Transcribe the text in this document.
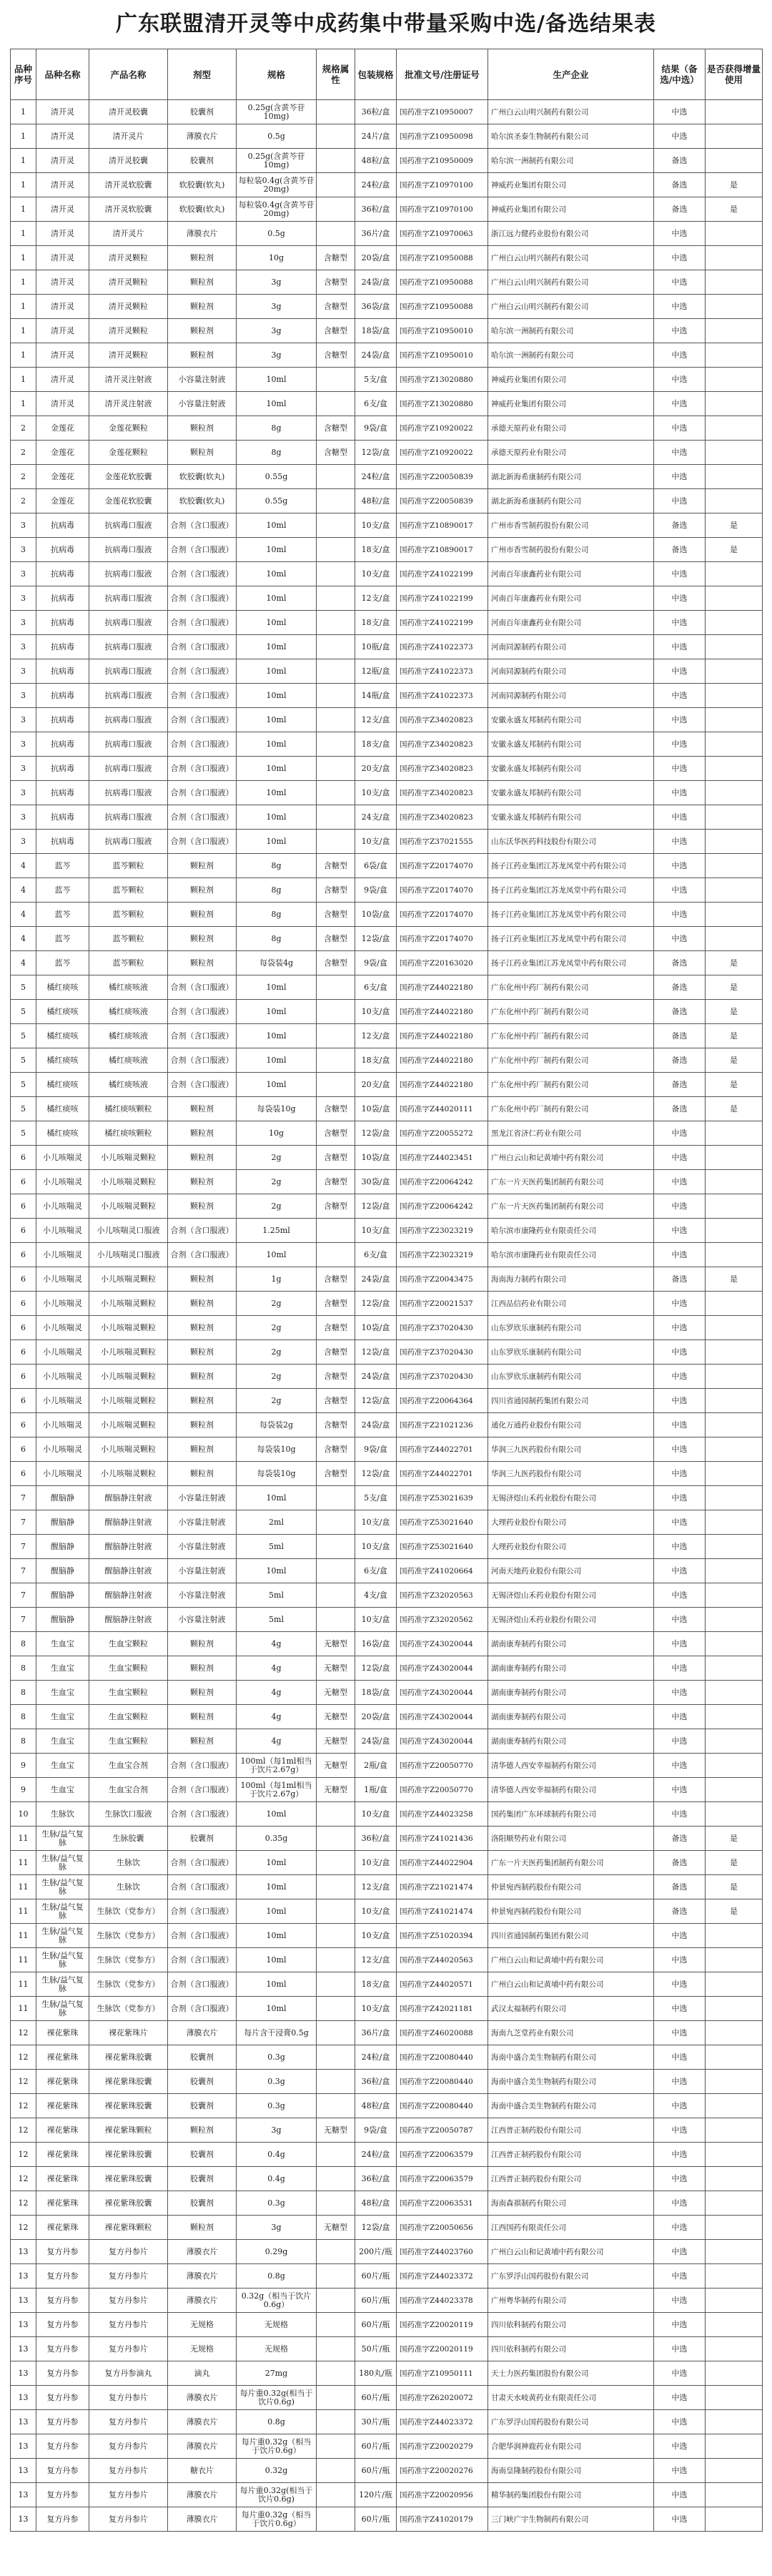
广东联盟清开灵等中成药集中带量采购中选/备选结果表
品种序号	品种名称	产品名称	剂型	规格	规格属性	包装规格	批准文号/注册证号	生产企业	结果（备选/中选）	是否获得增量使用
1	清开灵	清开灵胶囊	胶囊剂	0.25g(含黄芩苷10mg)		36粒/盒	国药准字Z10950007	广州白云山明兴制药有限公司	中选	
1	清开灵	清开灵片	薄膜衣片	0.5g		24片/盒	国药准字Z10950098	哈尔滨圣泰生物制药有限公司	中选	
1	清开灵	清开灵胶囊	胶囊剂	0.25g(含黄芩苷10mg)		48粒/盒	国药准字Z10950009	哈尔滨一洲制药有限公司	备选	
1	清开灵	清开灵软胶囊	软胶囊(软丸)	每粒装0.4g(含黄芩苷20mg)		24粒/盒	国药准字Z10970100	神威药业集团有限公司	备选	是
1	清开灵	清开灵软胶囊	软胶囊(软丸)	每粒装0.4g(含黄芩苷20mg)		36粒/盒	国药准字Z10970100	神威药业集团有限公司	备选	是
1	清开灵	清开灵片	薄膜衣片	0.5g		36片/盒	国药准字Z10970063	浙江远力健药业股份有限公司	中选	
1	清开灵	清开灵颗粒	颗粒剂	10g	含糖型	20袋/盒	国药准字Z10950088	广州白云山明兴制药有限公司	中选	
1	清开灵	清开灵颗粒	颗粒剂	3g	含糖型	24袋/盒	国药准字Z10950088	广州白云山明兴制药有限公司	中选	
1	清开灵	清开灵颗粒	颗粒剂	3g	含糖型	36袋/盒	国药准字Z10950088	广州白云山明兴制药有限公司	中选	
1	清开灵	清开灵颗粒	颗粒剂	3g	含糖型	18袋/盒	国药准字Z10950010	哈尔滨一洲制药有限公司	中选	
1	清开灵	清开灵颗粒	颗粒剂	3g	含糖型	24袋/盒	国药准字Z10950010	哈尔滨一洲制药有限公司	中选	
1	清开灵	清开灵注射液	小容量注射液	10ml		5支/盒	国药准字Z13020880	神威药业集团有限公司	中选	
1	清开灵	清开灵注射液	小容量注射液	10ml		6支/盒	国药准字Z13020880	神威药业集团有限公司	中选	
2	金莲花	金莲花颗粒	颗粒剂	8g	含糖型	9袋/盒	国药准字Z10920022	承德天原药业有限公司	中选	
2	金莲花	金莲花颗粒	颗粒剂	8g	含糖型	12袋/盒	国药准字Z10920022	承德天原药业有限公司	中选	
2	金莲花	金莲花软胶囊	软胶囊(软丸)	0.55g		24粒/盒	国药准字Z20050839	湖北新海希康制药有限公司	中选	
2	金莲花	金莲花软胶囊	软胶囊(软丸)	0.55g		48粒/盒	国药准字Z20050839	湖北新海希康制药有限公司	中选	
3	抗病毒	抗病毒口服液	合剂（含口服液）	10ml		10支/盒	国药准字Z10890017	广州市香雪制药股份有限公司	备选	是
3	抗病毒	抗病毒口服液	合剂（含口服液）	10ml		18支/盒	国药准字Z10890017	广州市香雪制药股份有限公司	备选	是
3	抗病毒	抗病毒口服液	合剂（含口服液）	10ml		10支/盒	国药准字Z41022199	河南百年康鑫药业有限公司	中选	
3	抗病毒	抗病毒口服液	合剂（含口服液）	10ml		12支/盒	国药准字Z41022199	河南百年康鑫药业有限公司	中选	
3	抗病毒	抗病毒口服液	合剂（含口服液）	10ml		18支/盒	国药准字Z41022199	河南百年康鑫药业有限公司	中选	
3	抗病毒	抗病毒口服液	合剂（含口服液）	10ml		10瓶/盒	国药准字Z41022373	河南同源制药有限公司	中选	
3	抗病毒	抗病毒口服液	合剂（含口服液）	10ml		12瓶/盒	国药准字Z41022373	河南同源制药有限公司	中选	
3	抗病毒	抗病毒口服液	合剂（含口服液）	10ml		14瓶/盒	国药准字Z41022373	河南同源制药有限公司	中选	
3	抗病毒	抗病毒口服液	合剂（含口服液）	10ml		12支/盒	国药准字Z34020823	安徽永盛友邦制药有限公司	中选	
3	抗病毒	抗病毒口服液	合剂（含口服液）	10ml		18支/盒	国药准字Z34020823	安徽永盛友邦制药有限公司	中选	
3	抗病毒	抗病毒口服液	合剂（含口服液）	10ml		20支/盒	国药准字Z34020823	安徽永盛友邦制药有限公司	中选	
3	抗病毒	抗病毒口服液	合剂（含口服液）	10ml		10支/盒	国药准字Z34020823	安徽永盛友邦制药有限公司	中选	
3	抗病毒	抗病毒口服液	合剂（含口服液）	10ml		24支/盒	国药准字Z34020823	安徽永盛友邦制药有限公司	中选	
3	抗病毒	抗病毒口服液	合剂（含口服液）	10ml		10支/盒	国药准字Z37021555	山东沃华医药科技股份有限公司	中选	
4	蓝芩	蓝芩颗粒	颗粒剂	8g	含糖型	6袋/盒	国药准字Z20174070	扬子江药业集团江苏龙凤堂中药有限公司	中选	
4	蓝芩	蓝芩颗粒	颗粒剂	8g	含糖型	9袋/盒	国药准字Z20174070	扬子江药业集团江苏龙凤堂中药有限公司	中选	
4	蓝芩	蓝芩颗粒	颗粒剂	8g	含糖型	10袋/盒	国药准字Z20174070	扬子江药业集团江苏龙凤堂中药有限公司	中选	
4	蓝芩	蓝芩颗粒	颗粒剂	8g	含糖型	12袋/盒	国药准字Z20174070	扬子江药业集团江苏龙凤堂中药有限公司	中选	
4	蓝芩	蓝芩颗粒	颗粒剂	每袋装4g	含糖型	9袋/盒	国药准字Z20163020	扬子江药业集团江苏龙凤堂中药有限公司	备选	是
5	橘红痰咳	橘红痰咳液	合剂（含口服液）	10ml		6支/盒	国药准字Z44022180	广东化州中药厂制药有限公司	备选	是
5	橘红痰咳	橘红痰咳液	合剂（含口服液）	10ml		10支/盒	国药准字Z44022180	广东化州中药厂制药有限公司	备选	是
5	橘红痰咳	橘红痰咳液	合剂（含口服液）	10ml		12支/盒	国药准字Z44022180	广东化州中药厂制药有限公司	备选	是
5	橘红痰咳	橘红痰咳液	合剂（含口服液）	10ml		18支/盒	国药准字Z44022180	广东化州中药厂制药有限公司	备选	是
5	橘红痰咳	橘红痰咳液	合剂（含口服液）	10ml		20支/盒	国药准字Z44022180	广东化州中药厂制药有限公司	备选	是
5	橘红痰咳	橘红痰咳颗粒	颗粒剂	每袋装10g	含糖型	10袋/盒	国药准字Z44020111	广东化州中药厂制药有限公司	备选	是
5	橘红痰咳	橘红痰咳颗粒	颗粒剂	10g	含糖型	12袋/盒	国药准字Z20055272	黑龙江省济仁药业有限公司	中选	
6	小儿咳喘灵	小儿咳喘灵颗粒	颗粒剂	2g	含糖型	10袋/盒	国药准字Z44023451	广州白云山和记黄埔中药有限公司	中选	
6	小儿咳喘灵	小儿咳喘灵颗粒	颗粒剂	2g	含糖型	30袋/盒	国药准字Z20064242	广东一片天医药集团制药有限公司	中选	
6	小儿咳喘灵	小儿咳喘灵颗粒	颗粒剂	2g	含糖型	12袋/盒	国药准字Z20064242	广东一片天医药集团制药有限公司	中选	
6	小儿咳喘灵	小儿咳喘灵口服液	合剂（含口服液）	1.25ml		10支/盒	国药准字Z23023219	哈尔滨市康隆药业有限责任公司	中选	
6	小儿咳喘灵	小儿咳喘灵口服液	合剂（含口服液）	10ml		6支/盒	国药准字Z23023219	哈尔滨市康隆药业有限责任公司	中选	
6	小儿咳喘灵	小儿咳喘灵颗粒	颗粒剂	1g	含糖型	24袋/盒	国药准字Z20043475	海南海力制药有限公司	备选	是
6	小儿咳喘灵	小儿咳喘灵颗粒	颗粒剂	2g	含糖型	12袋/盒	国药准字Z20021537	江西品信药业有限公司	中选	
6	小儿咳喘灵	小儿咳喘灵颗粒	颗粒剂	2g	含糖型	10袋/盒	国药准字Z37020430	山东罗欣乐康制药有限公司	中选	
6	小儿咳喘灵	小儿咳喘灵颗粒	颗粒剂	2g	含糖型	12袋/盒	国药准字Z37020430	山东罗欣乐康制药有限公司	中选	
6	小儿咳喘灵	小儿咳喘灵颗粒	颗粒剂	2g	含糖型	24袋/盒	国药准字Z37020430	山东罗欣乐康制药有限公司	中选	
6	小儿咳喘灵	小儿咳喘灵颗粒	颗粒剂	2g	含糖型	12袋/盒	国药准字Z20064364	四川省通园制药集团有限公司	中选	
6	小儿咳喘灵	小儿咳喘灵颗粒	颗粒剂	每袋装2g	含糖型	24袋/盒	国药准字Z21021236	通化万通药业股份有限公司	中选	
6	小儿咳喘灵	小儿咳喘灵颗粒	颗粒剂	每袋装10g	含糖型	9袋/盒	国药准字Z44022701	华润三九医药股份有限公司	中选	
6	小儿咳喘灵	小儿咳喘灵颗粒	颗粒剂	每袋装10g	含糖型	12袋/盒	国药准字Z44022701	华润三九医药股份有限公司	中选	
7	醒脑静	醒脑静注射液	小容量注射液	10ml		5支/盒	国药准字Z53021639	无锡济煜山禾药业股份有限公司	中选	
7	醒脑静	醒脑静注射液	小容量注射液	2ml		10支/盒	国药准字Z53021640	大理药业股份有限公司	中选	
7	醒脑静	醒脑静注射液	小容量注射液	5ml		10支/盒	国药准字Z53021640	大理药业股份有限公司	中选	
7	醒脑静	醒脑静注射液	小容量注射液	10ml		6支/盒	国药准字Z41020664	河南天地药业股份有限公司	中选	
7	醒脑静	醒脑静注射液	小容量注射液	5ml		4支/盒	国药准字Z32020563	无锡济煜山禾药业股份有限公司	中选	
7	醒脑静	醒脑静注射液	小容量注射液	5ml		10支/盒	国药准字Z32020562	无锡济煜山禾药业股份有限公司	中选	
8	生血宝	生血宝颗粒	颗粒剂	4g	无糖型	16袋/盒	国药准字Z43020044	湖南康寿制药有限公司	中选	
8	生血宝	生血宝颗粒	颗粒剂	4g	无糖型	12袋/盒	国药准字Z43020044	湖南康寿制药有限公司	中选	
8	生血宝	生血宝颗粒	颗粒剂	4g	无糖型	18袋/盒	国药准字Z43020044	湖南康寿制药有限公司	中选	
8	生血宝	生血宝颗粒	颗粒剂	4g	无糖型	20袋/盒	国药准字Z43020044	湖南康寿制药有限公司	中选	
8	生血宝	生血宝颗粒	颗粒剂	4g	无糖型	24袋/盒	国药准字Z43020044	湖南康寿制药有限公司	中选	
9	生血宝	生血宝合剂	合剂（含口服液）	100ml（每1ml相当于饮片2.67g）	无糖型	2瓶/盒	国药准字Z20050770	清华德人西安幸福制药有限公司	中选	
9	生血宝	生血宝合剂	合剂（含口服液）	100ml（每1ml相当于饮片2.67g）	无糖型	1瓶/盒	国药准字Z20050770	清华德人西安幸福制药有限公司	中选	
10	生脉饮	生脉饮口服液	合剂（含口服液）	10ml		10支/盒	国药准字Z44023258	国药集团广东环球制药有限公司	中选	
11	生脉/益气复脉	生脉胶囊	胶囊剂	0.35g		36粒/盒	国药准字Z41021436	洛阳顺势药业有限公司	备选	是
11	生脉/益气复脉	生脉饮	合剂（含口服液）	10ml		10支/盒	国药准字Z44022904	广东一片天医药集团制药有限公司	备选	是
11	生脉/益气复脉	生脉饮	合剂（含口服液）	10ml		12支/盒	国药准字Z21021474	仲景宛西制药股份有限公司	备选	是
11	生脉/益气复脉	生脉饮（党参方）	合剂（含口服液）	10ml		10支/盒	国药准字Z41021474	仲景宛西制药股份有限公司	备选	是
11	生脉/益气复脉	生脉饮（党参方）	合剂（含口服液）	10ml		10支/盒	国药准字Z51020394	四川省通园制药集团有限公司	中选	
11	生脉/益气复脉	生脉饮（党参方）	合剂（含口服液）	10ml		12支/盒	国药准字Z44020563	广州白云山和记黄埔中药有限公司	中选	
11	生脉/益气复脉	生脉饮（党参方）	合剂（含口服液）	10ml		18支/盒	国药准字Z44020571	广州白云山和记黄埔中药有限公司	中选	
11	生脉/益气复脉	生脉饮（党参方）	合剂（含口服液）	10ml		10支/盒	国药准字Z42021181	武汉太福制药有限公司	中选	
12	裸花紫珠	裸花紫珠片	薄膜衣片	每片含干浸膏0.5g		36片/盒	国药准字Z46020088	海南九芝堂药业有限公司	中选	
12	裸花紫珠	裸花紫珠胶囊	胶囊剂	0.3g		24粒/盒	国药准字Z20080440	海南中盛合美生物制药有限公司	中选	
12	裸花紫珠	裸花紫珠胶囊	胶囊剂	0.3g		36粒/盒	国药准字Z20080440	海南中盛合美生物制药有限公司	中选	
12	裸花紫珠	裸花紫珠胶囊	胶囊剂	0.3g		48粒/盒	国药准字Z20080440	海南中盛合美生物制药有限公司	中选	
12	裸花紫珠	裸花紫珠颗粒	颗粒剂	3g	无糖型	9袋/盒	国药准字Z20050787	江西普正制药股份有限公司	中选	
12	裸花紫珠	裸花紫珠胶囊	胶囊剂	0.4g		24粒/盒	国药准字Z20063579	江西普正制药股份有限公司	中选	
12	裸花紫珠	裸花紫珠胶囊	胶囊剂	0.4g		36粒/盒	国药准字Z20063579	江西普正制药股份有限公司	中选	
12	裸花紫珠	裸花紫珠胶囊	胶囊剂	0.3g		48粒/盒	国药准字Z20063531	海南森祺制药有限公司	中选	
12	裸花紫珠	裸花紫珠颗粒	颗粒剂	3g	无糖型	12袋/盒	国药准字Z20050656	江西国药有限责任公司	中选	
13	复方丹参	复方丹参片	薄膜衣片	0.29g		200片/瓶	国药准字Z44023760	广州白云山和记黄埔中药有限公司	中选	
13	复方丹参	复方丹参片	薄膜衣片	0.8g		60片/瓶	国药准字Z44023372	广东罗浮山国药股份有限公司	中选	
13	复方丹参	复方丹参片	薄膜衣片	0.32g（相当于饮片0.6g）		60片/瓶	国药准字Z44023378	广州粤华制药有限公司	中选	
13	复方丹参	复方丹参片	无规格	无规格		60片/瓶	国药准字Z20020119	四川依科制药有限公司	中选	
13	复方丹参	复方丹参片	无规格	无规格		50片/瓶	国药准字Z20020119	四川依科制药有限公司	中选	
13	复方丹参	复方丹参滴丸	滴丸	27mg		180丸/瓶	国药准字Z10950111	天士力医药集团股份有限公司	中选	
13	复方丹参	复方丹参片	薄膜衣片	每片重0.32g(相当于饮片0.6g)		60片/瓶	国药准字Z62020072	甘肃天水岐黄药业有限责任公司	中选	
13	复方丹参	复方丹参片	薄膜衣片	0.8g		30片/瓶	国药准字Z44023372	广东罗浮山国药股份有限公司	中选	
13	复方丹参	复方丹参片	薄膜衣片	每片重0.32g（相当于饮片0.6g）		60片/瓶	国药准字Z20020279	合肥华润神鹿药业有限公司	中选	
13	复方丹参	复方丹参片	糖衣片	0.32g		60片/瓶	国药准字Z20020276	海南皇隆制药股份有限公司	中选	
13	复方丹参	复方丹参片	薄膜衣片	每片重0.32g(相当于饮片0.6g)		120片/瓶	国药准字Z20020956	精华制药集团股份有限公司	中选	
13	复方丹参	复方丹参片	薄膜衣片	每片重0.32g（相当于饮片0.6g）		60片/瓶	国药准字Z41020179	三门峡广宇生物制药有限公司	中选	
